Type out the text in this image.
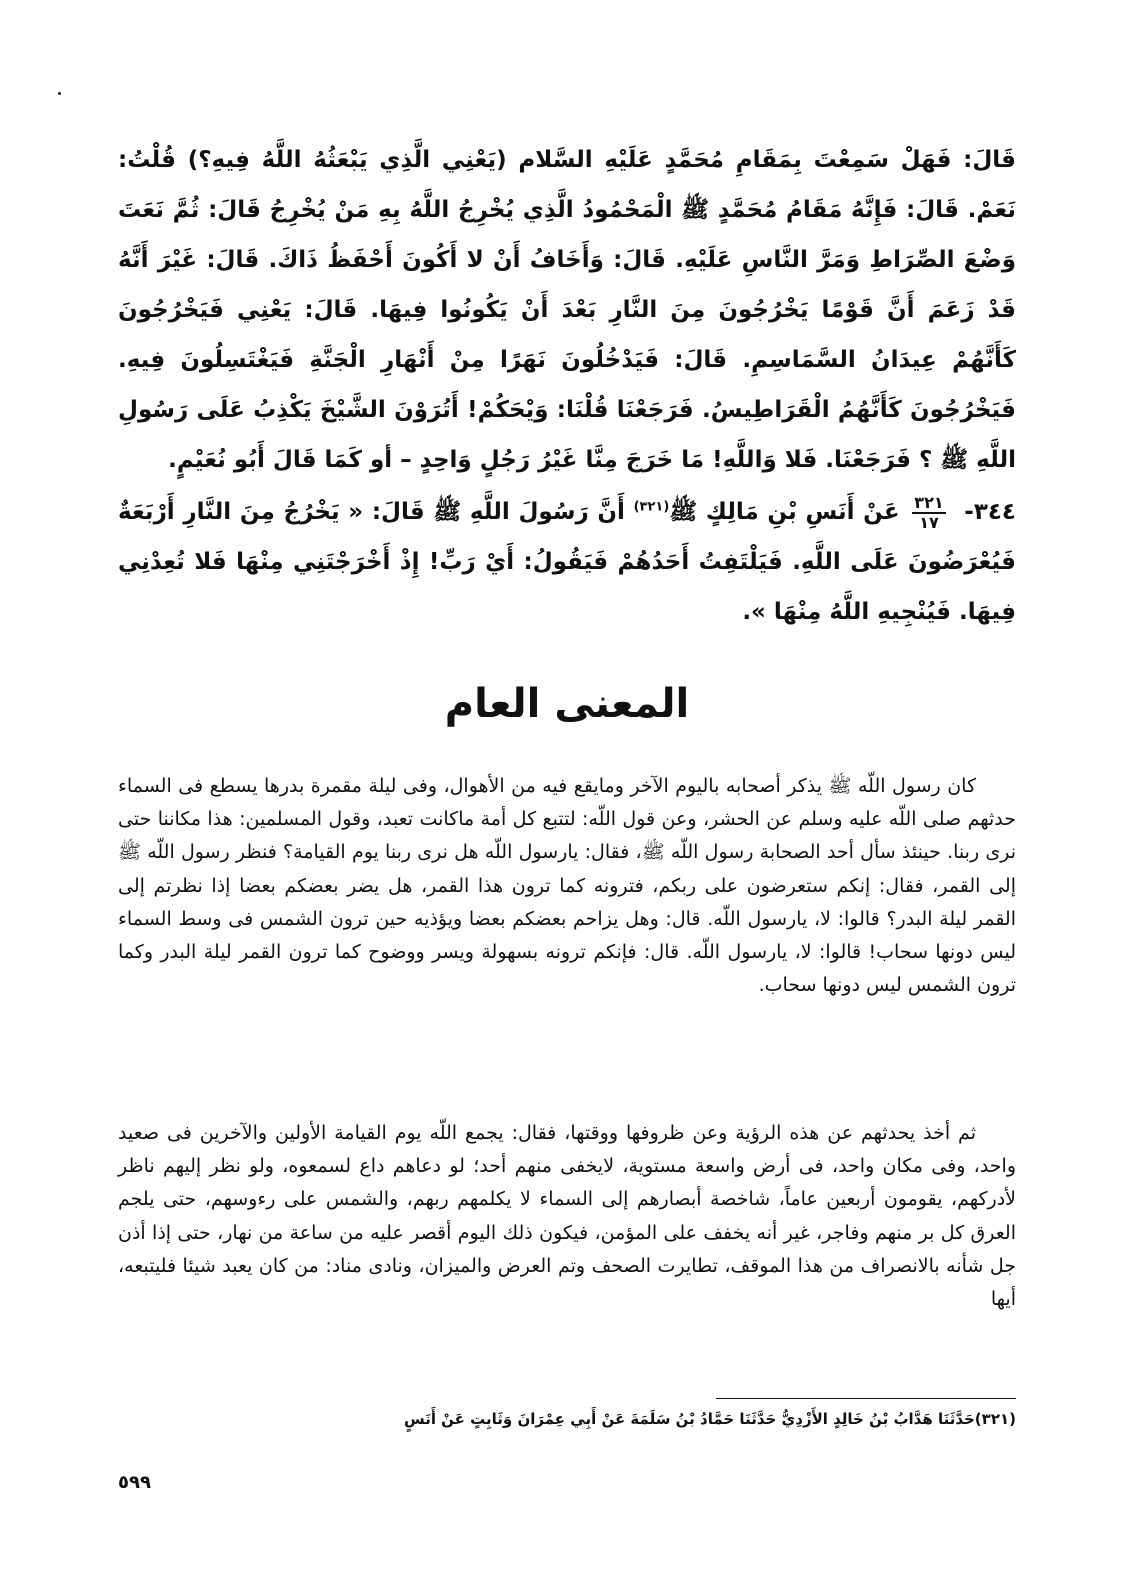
قَالَ: فَهَلْ سَمِعْتَ بِمَقَامِ مُحَمَّدٍ عَلَيْهِ السَّلام (يَعْنِي الَّذِي يَبْعَثُهُ اللَّهُ فِيهِ؟) قُلْتُ: نَعَمْ. قَالَ: فَإِنَّهُ مَقَامُ مُحَمَّدٍ ﷺ الْمَحْمُودُ الَّذِي يُخْرِجُ اللَّهُ بِهِ مَنْ يُخْرِجُ قَالَ: ثُمَّ نَعَتَ وَضْعَ الصِّرَاطِ وَمَرَّ النَّاسِ عَلَيْهِ. قَالَ: وَأَخَافُ أَنْ لا أَكُونَ أَحْفَظُ ذَاكَ. قَالَ: غَيْرَ أَنَّهُ قَدْ زَعَمَ أَنَّ قَوْمًا يَخْرُجُونَ مِنَ النَّارِ بَعْدَ أَنْ يَكُونُوا فِيهَا. قَالَ: يَعْنِي فَيَخْرُجُونَ كَأَنَّهُمْ عِيدَانُ السَّمَاسِمِ. قَالَ: فَيَدْخُلُونَ نَهَرًا مِنْ أَنْهَارِ الْجَنَّةِ فَيَغْتَسِلُونَ فِيهِ. فَيَخْرُجُونَ كَأَنَّهُمُ الْقَرَاطِيسُ. فَرَجَعْنَا قُلْنَا: وَيْحَكُمْ! أَتُرَوْنَ الشَّيْخَ يَكْذِبُ عَلَى رَسُولِ اللَّهِ ﷺ ؟ فَرَجَعْنَا. فَلا وَاللَّهِ! مَا خَرَجَ مِنَّا غَيْرُ رَجُلٍ وَاحِدٍ – أو كَمَا قَالَ أَبُو نُعَيْمٍ.
٣٤٤-
$\frac{٣٢١}{١٧}$
عَنْ أَنَسِ بْنِ مَالِكٍ ﷺ$^{(٣٢١)}$ أَنَّ رَسُولَ اللَّهِ ﷺ قَالَ: « يَخْرُجُ مِنَ النَّارِ أَرْبَعَةٌ فَيُعْرَضُونَ عَلَى اللَّهِ. فَيَلْتَفِتُ أَحَدُهُمْ فَيَقُولُ: أَيْ رَبِّ! إِذْ أَخْرَجْتَنِي مِنْهَا فَلا تُعِدْنِي فِيهَا. فَيُنْجِيهِ اللَّهُ مِنْهَا ».
المعنى العام
كان رسول اللّه ﷺ يذكر أصحابه باليوم الآخر ومايقع فيه من الأهوال، وفى ليلة مقمرة بدرها يسطع فى السماء حدثهم صلى اللّه عليه وسلم عن الحشر، وعن قول اللّه: لتتبع كل أمة ماكانت تعبد، وقول المسلمين: هذا مكاننا حتى نرى ربنا. حينئذ سأل أحد الصحابة رسول اللّه ﷺ، فقال: يارسول اللّه هل نرى ربنا يوم القيامة؟ فنظر رسول اللّه ﷺ إلى القمر، فقال: إنكم ستعرضون على ربكم، فترونه كما ترون هذا القمر، هل يضر بعضكم بعضا إذا نظرتم إلى القمر ليلة البدر؟ قالوا: لا، يارسول اللّه. قال: وهل يزاحم بعضكم بعضا ويؤذيه حين ترون الشمس فى وسط السماء ليس دونها سحاب! قالوا: لا، يارسول اللّه. قال: فإنكم ترونه بسهولة ويسر ووضوح كما ترون القمر ليلة البدر وكما ترون الشمس ليس دونها سحاب.
ثم أخذ يحدثهم عن هذه الرؤية وعن ظروفها ووقتها، فقال: يجمع اللّه يوم القيامة الأولين والآخرين فى صعيد واحد، وفى مكان واحد، فى أرض واسعة مستوية، لايخفى منهم أحد؛ لو دعاهم داع لسمعوه، ولو نظر إليهم ناظر لأدركهم، يقومون أربعين عاماً، شاخصة أبصارهم إلى السماء لا يكلمهم ربهم، والشمس على رءوسهم، حتى يلجم العرق كل بر منهم وفاجر، غير أنه يخفف على المؤمن، فيكون ذلك اليوم أقصر عليه من ساعة من نهار، حتى إذا أذن جل شأنه بالانصراف من هذا الموقف، تطايرت الصحف وتم العرض والميزان، ونادى مناد: من كان يعبد شيئا فليتبعه، أيها
(٣٢١)حَدَّثَنَا هَدَّابُ بْنُ خَالِدٍ الأَزْدِيُّ حَدَّثَنَا حَمَّادُ بْنُ سَلَمَةَ عَنْ أَبِي عِمْرَانَ وَثَابِتٍ عَنْ أَنَسٍ
٥٩٩
